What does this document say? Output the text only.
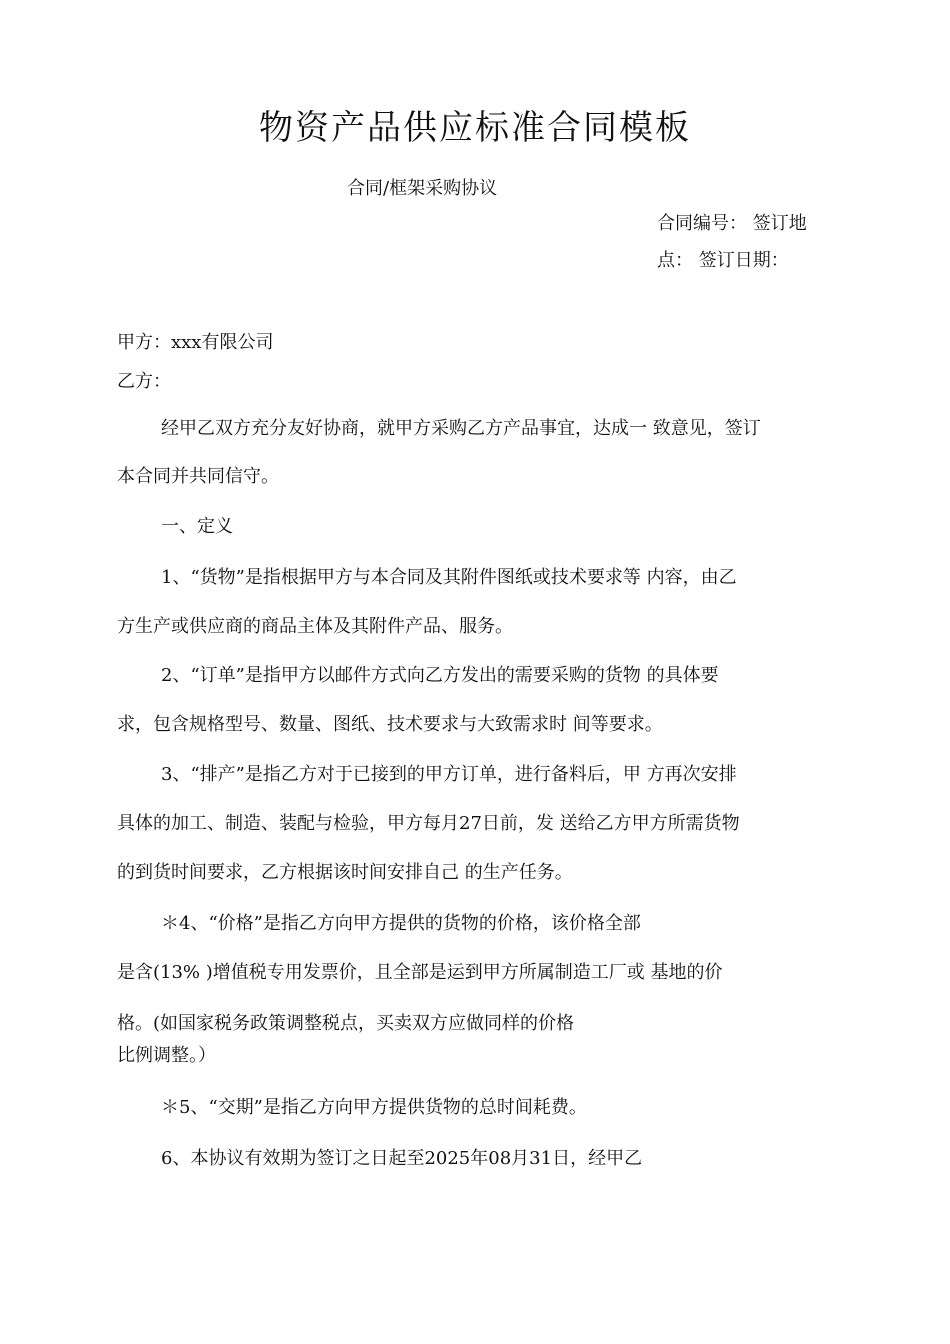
物资产品供应标准合同模板
合同/框架采购协议
合同编号： 签订地
点： 签订日期：
甲方：xxx有限公司
乙方：
经甲乙双方充分友好协商，就甲方采购乙方产品事宜，达成一 致意见，签订
本合同并共同信守。
一、定义
1、“货物”是指根据甲方与本合同及其附件图纸或技术要求等 内容，由乙
方生产或供应商的商品主体及其附件产品、服务。
2、“订单”是指甲方以邮件方式向乙方发出的需要采购的货物 的具体要
求，包含规格型号、数量、图纸、技术要求与大致需求时 间等要求。
3、“排产”是指乙方对于已接到的甲方订单，进行备料后，甲 方再次安排
具体的加工、制造、装配与检验，甲方每月27日前，发 送给乙方甲方所需货物
的到货时间要求，乙方根据该时间安排自己 的生产任务。
＊4、“价格”是指乙方向甲方提供的货物的价格，该价格全部
是含(13% )增值税专用发票价，且全部是运到甲方所属制造工厂或 基地的价
格。(如国家税务政策调整税点，买卖双方应做同样的价格
比例调整。）
＊5、“交期”是指乙方向甲方提供货物的总时间耗费。
6、本协议有效期为签订之日起至2025年08月31日，经甲乙
